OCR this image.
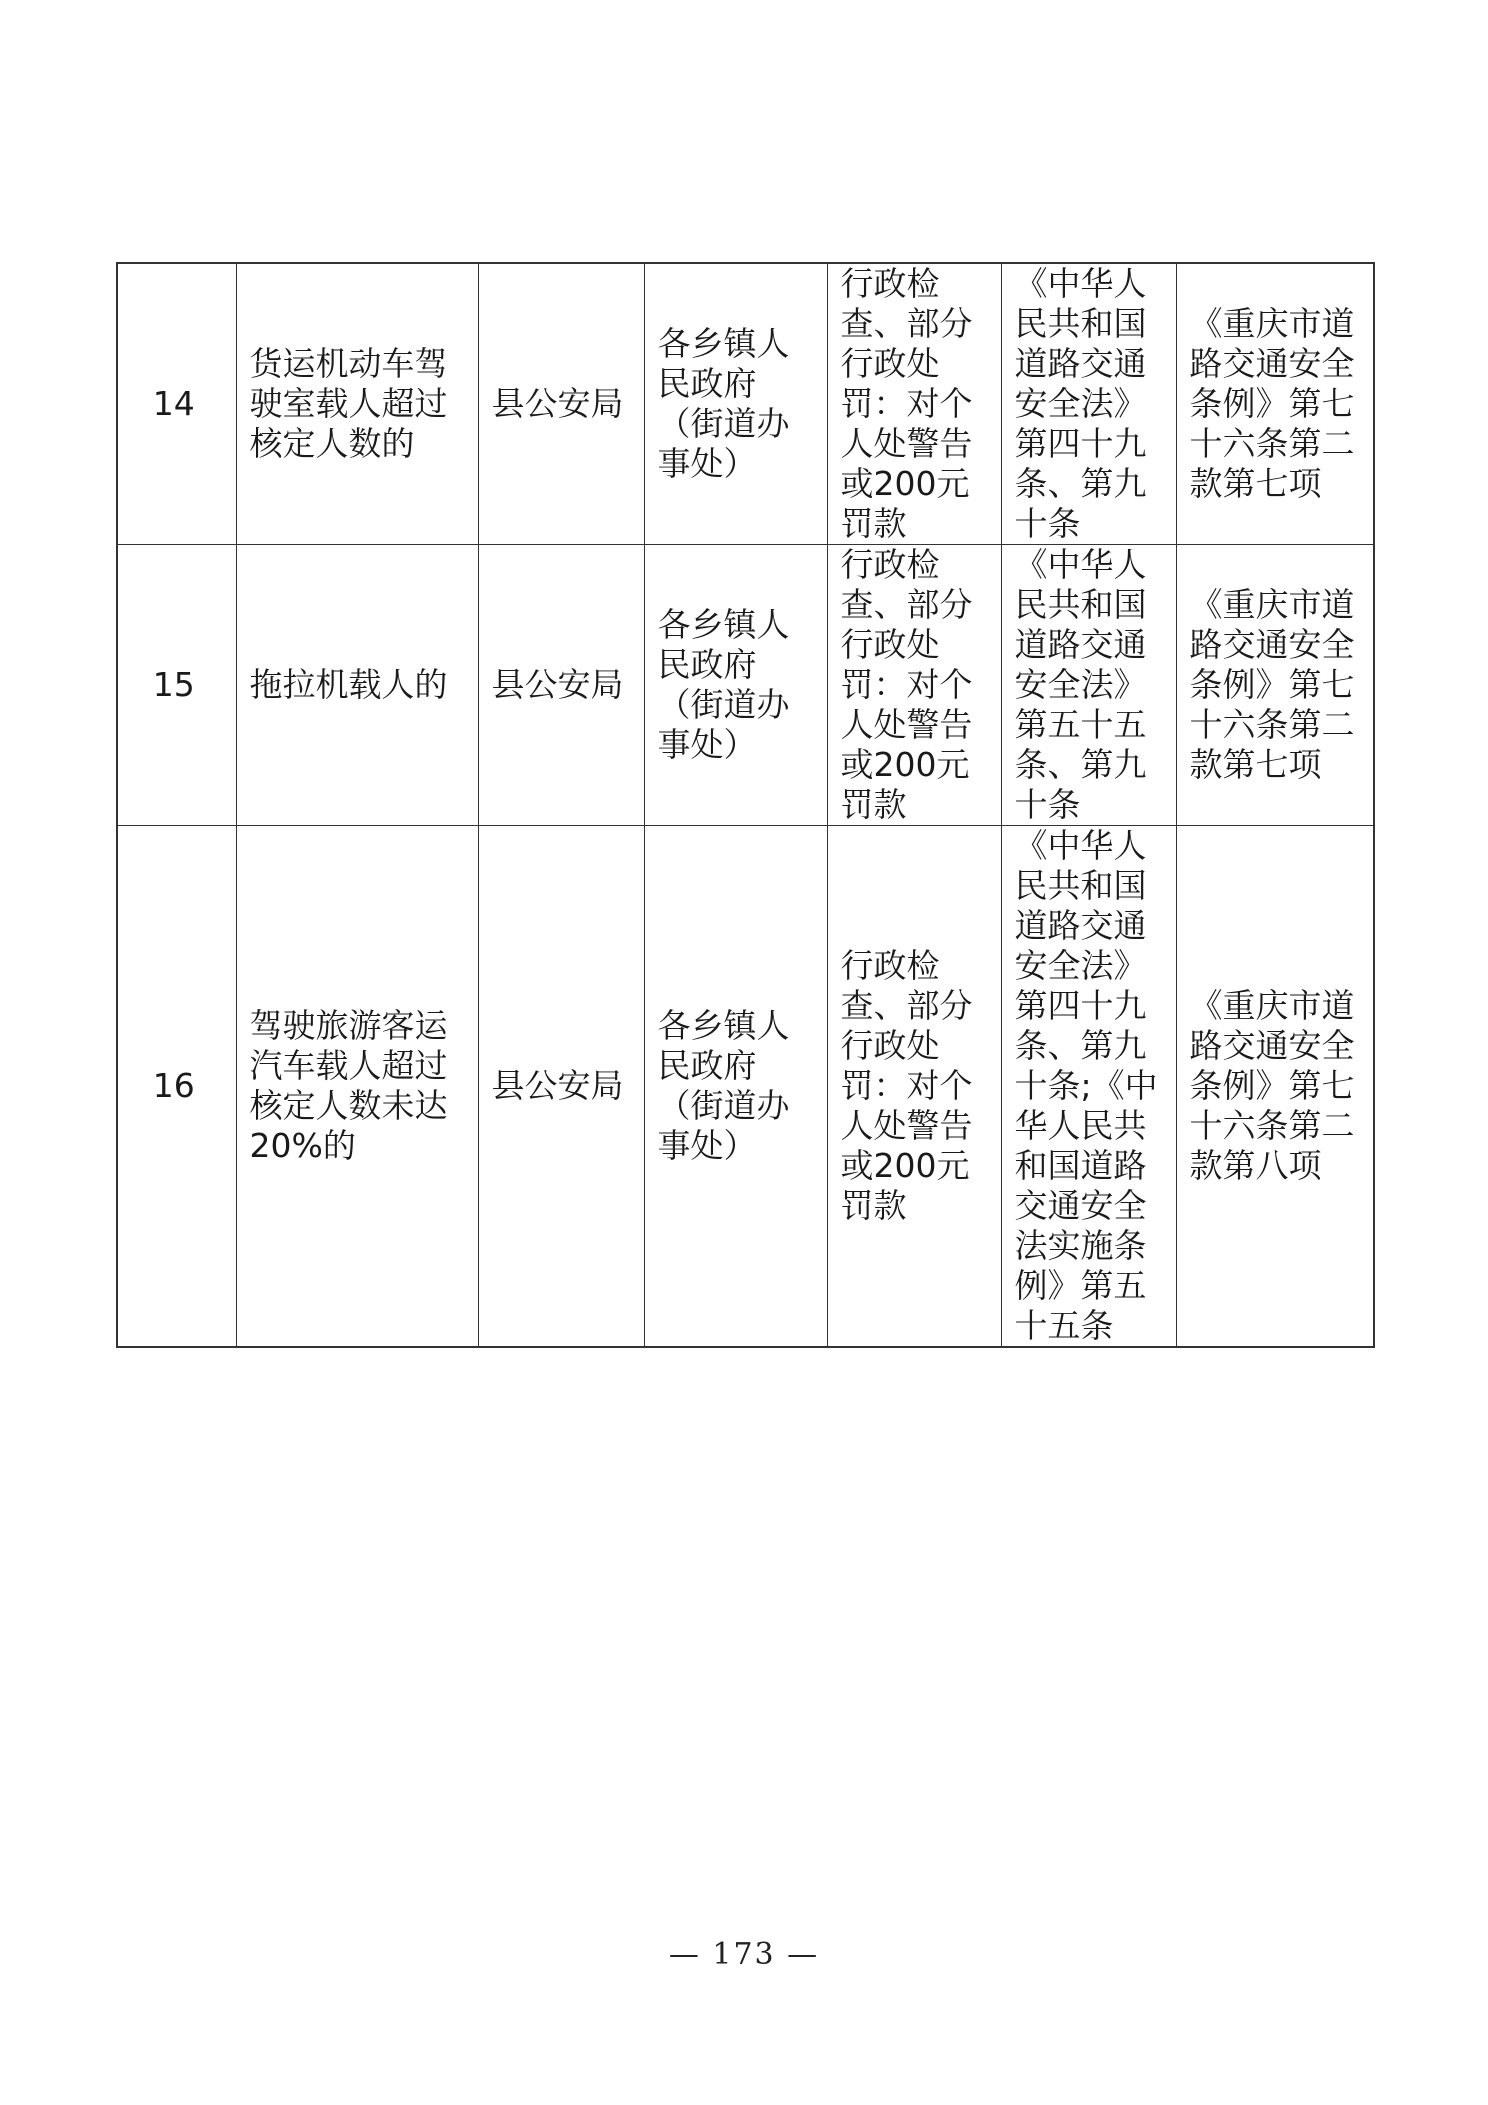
14	货运机动车驾驶室载人超过核定人数的	县公安局	各乡镇人民政府（街道办事处）	行政检查、部分行政处罚：对个人处警告或200元罚款	《中华人民共和国道路交通安全法》第四十九条、第九十条	《重庆市道路交通安全条例》第七十六条第二款第七项
15	拖拉机载人的	县公安局	各乡镇人民政府（街道办事处）	行政检查、部分行政处罚：对个人处警告或200元罚款	《中华人民共和国道路交通安全法》第五十五条、第九十条	《重庆市道路交通安全条例》第七十六条第二款第七项
16	驾驶旅游客运汽车载人超过核定人数未达20%的	县公安局	各乡镇人民政府（街道办事处）	行政检查、部分行政处罚：对个人处警告或200元罚款	《中华人民共和国道路交通安全法》第四十九条、第九十条;《中华人民共和国道路交通安全法实施条例》第五十五条	《重庆市道路交通安全条例》第七十六条第二款第八项
— 173 —
